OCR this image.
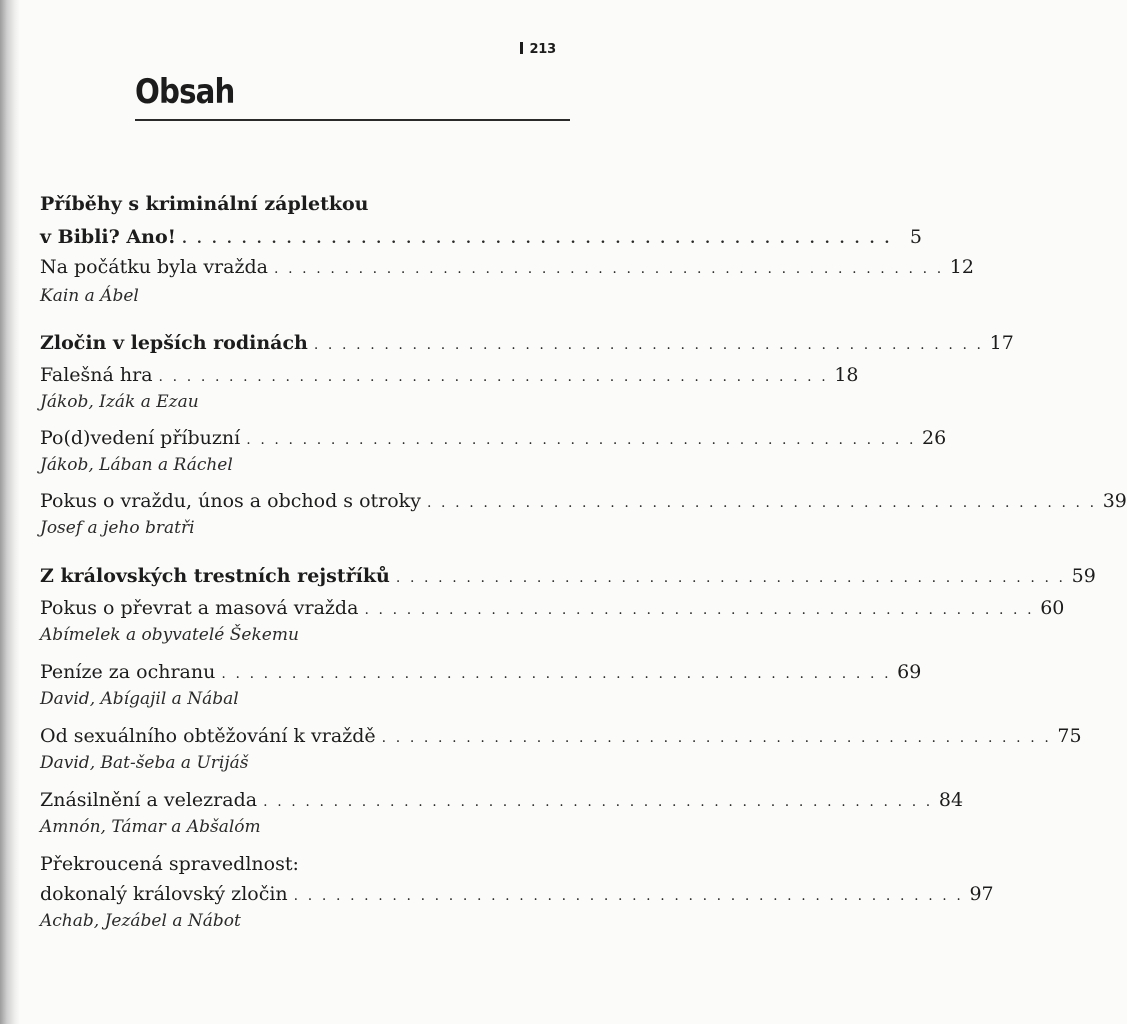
213
Obsah
Příběhy s kriminální zápletkou
v Bibli? Ano! . . . . . . . . . . . . . . . . . . . . . . . . . . . . . . . . . . . . . . . . . . . . . . . . 5
Na počátku byla vražda . . . . . . . . . . . . . . . . . . . . . . . . . . . . . . . . . . . . . . . . . . . . . . . . 12
Kain a Ábel
Zločin v lepších rodinách . . . . . . . . . . . . . . . . . . . . . . . . . . . . . . . . . . . . . . . . . . . . . . . . 17
Falešná hra . . . . . . . . . . . . . . . . . . . . . . . . . . . . . . . . . . . . . . . . . . . . . . . . 18
Jákob, Izák a Ezau
Po(d)vedení příbuzní . . . . . . . . . . . . . . . . . . . . . . . . . . . . . . . . . . . . . . . . . . . . . . . . 26
Jákob, Lában a Ráchel
Pokus o vraždu, únos a obchod s otroky . . . . . . . . . . . . . . . . . . . . . . . . . . . . . . . . . . . . . . . . . . . . . . . . 39
Josef a jeho bratři
Z královských trestních rejstříků . . . . . . . . . . . . . . . . . . . . . . . . . . . . . . . . . . . . . . . . . . . . . . . . 59
Pokus o převrat a masová vražda . . . . . . . . . . . . . . . . . . . . . . . . . . . . . . . . . . . . . . . . . . . . . . . . 60
Abímelek a obyvatelé Šekemu
Peníze za ochranu . . . . . . . . . . . . . . . . . . . . . . . . . . . . . . . . . . . . . . . . . . . . . . . . 69
David, Abígajil a Nábal
Od sexuálního obtěžování k vraždě . . . . . . . . . . . . . . . . . . . . . . . . . . . . . . . . . . . . . . . . . . . . . . . . 75
David, Bat-šeba a Urijáš
Znásilnění a velezrada . . . . . . . . . . . . . . . . . . . . . . . . . . . . . . . . . . . . . . . . . . . . . . . . 84
Amnón, Támar a Abšalóm
Překroucená spravedlnost:
dokonalý královský zločin . . . . . . . . . . . . . . . . . . . . . . . . . . . . . . . . . . . . . . . . . . . . . . . . 97
Achab, Jezábel a Nábot
